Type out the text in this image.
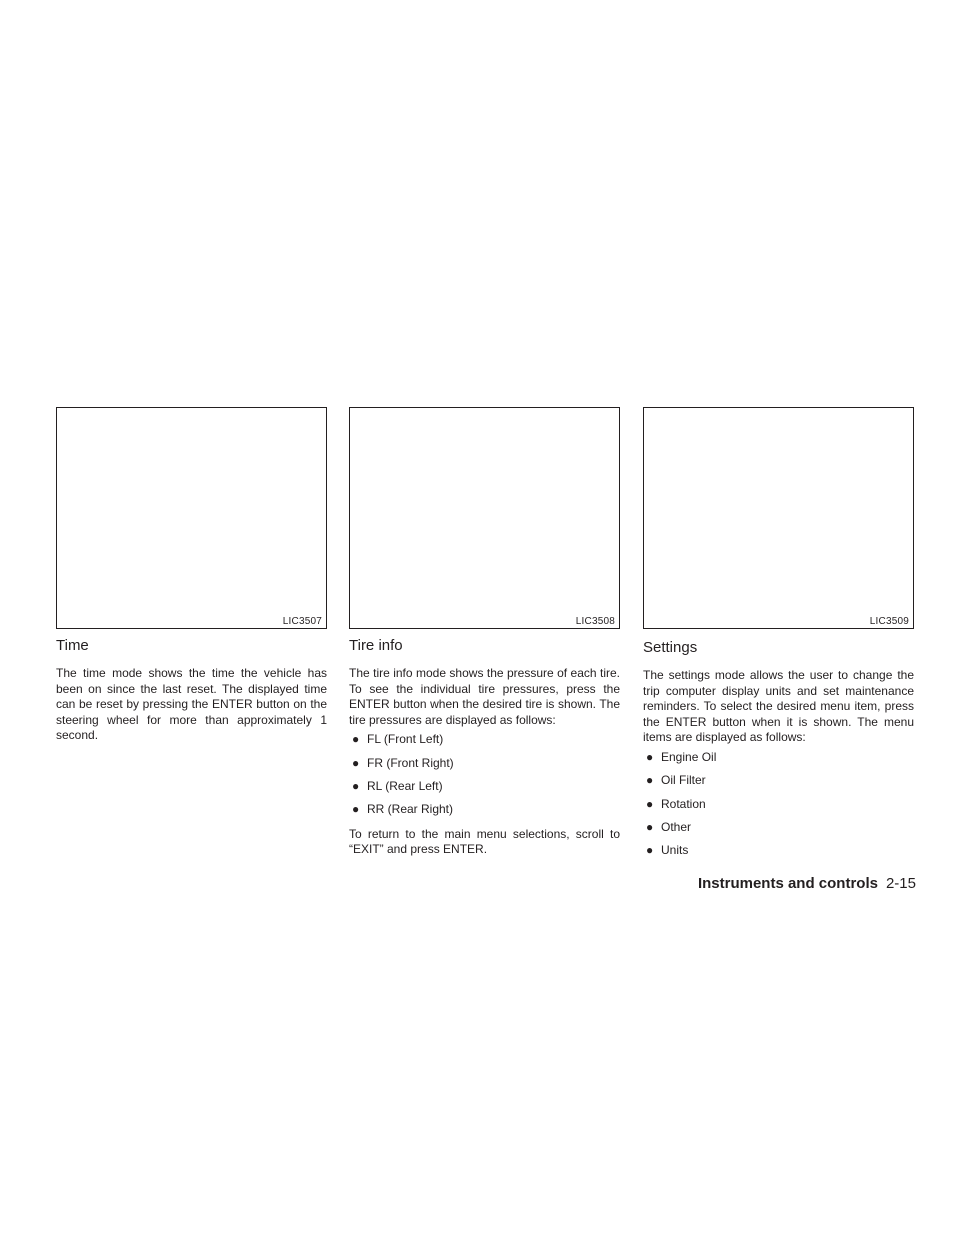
LIC3507
Time

The time mode shows the time the vehicle has been on since the last reset. The displayed time can be reset by pressing the ENTER button on the steering wheel for more than approximately 1 second.

LIC3508
Tire info

The tire info mode shows the pressure of each tire. To see the individual tire pressures, press the ENTER button when the desired tire is shown. The tire pressures are displayed as follows:

● FL (Front Left)
● FR (Front Right)
● RL (Rear Left)
● RR (Rear Right)

To return to the main menu selections, scroll to “EXIT” and press ENTER.

LIC3509
Settings

The settings mode allows the user to change the trip computer display units and set maintenance reminders. To select the desired menu item, press the ENTER button when it is shown. The menu items are displayed as follows:

● Engine Oil
● Oil Filter
● Rotation
● Other
● Units
Instruments and controls 2-15
